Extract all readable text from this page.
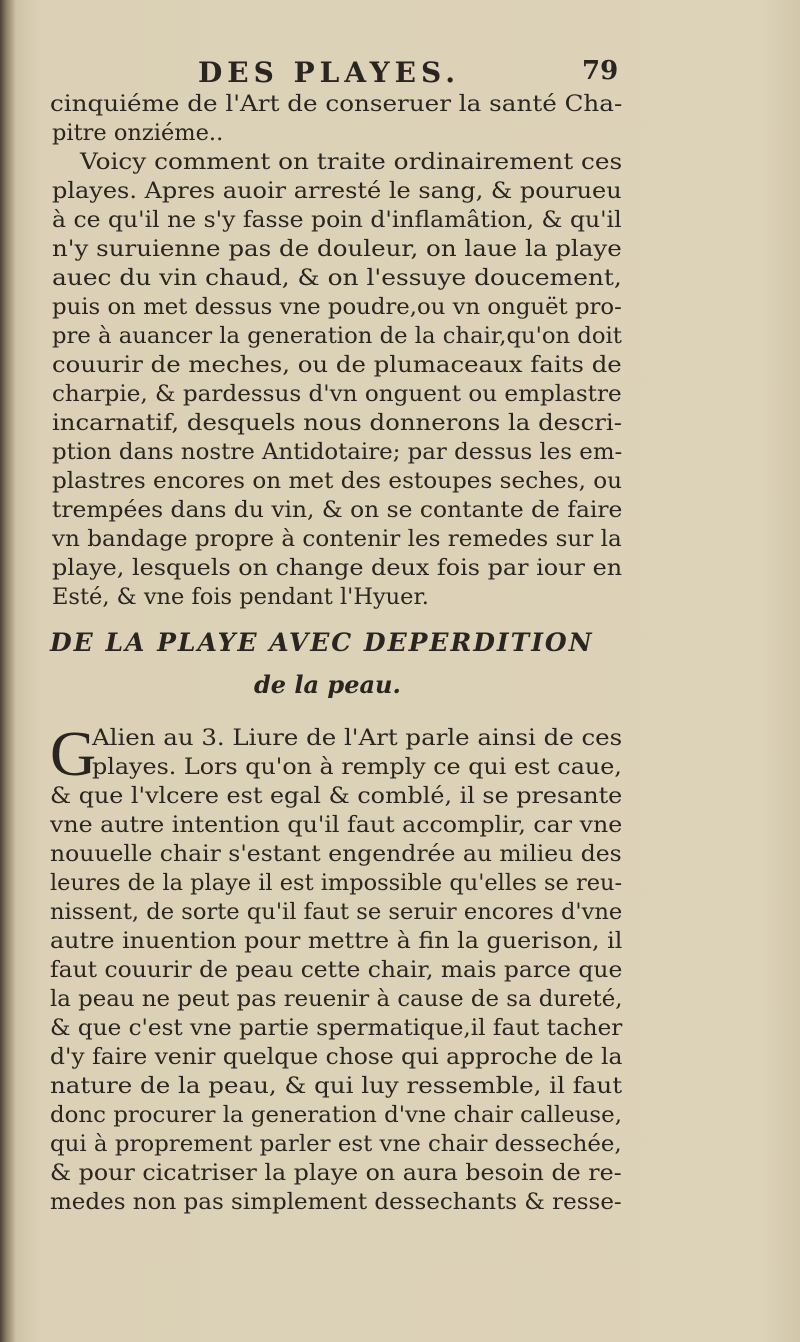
DES PLAYES.	79
cinquiéme de l'Art de conseruer la santé Cha-
pitre onziéme..
Voicy comment on traite ordinairement ces
playes. Apres auoir arresté le sang, & pourueu
à ce qu'il ne s'y fasse poin d'inflamâtion, & qu'il
n'y suruienne pas de douleur, on laue la playe
auec du vin chaud, & on l'essuye doucement,
puis on met dessus vne poudre,ou vn onguët pro-
pre à auancer la generation de la chair,qu'on doit
couurir de meches, ou de plumaceaux faits de
charpie, & pardessus d'vn onguent ou emplastre
incarnatif, desquels nous donnerons la descri-
ption dans nostre Antidotaire; par dessus les em-
plastres encores on met des estoupes seches, ou
trempées dans du vin, & on se contante de faire
vn bandage propre à contenir les remedes sur la
playe, lesquels on change deux fois par iour en
Esté, & vne fois pendant l'Hyuer.
DE LA PLAYE AVEC DEPERDITION
de la peau.
G
Alien au 3. Liure de l'Art parle ainsi de ces
playes. Lors qu'on à remply ce qui est caue,
& que l'vlcere est egal & comblé, il se presante
vne autre intention qu'il faut accomplir, car vne
nouuelle chair s'estant engendrée au milieu des
leures de la playe il est impossible qu'elles se reu-
nissent, de sorte qu'il faut se seruir encores d'vne
autre inuention pour mettre à fin la guerison, il
faut couurir de peau cette chair, mais parce que
la peau ne peut pas reuenir à cause de sa dureté,
& que c'est vne partie spermatique,il faut tacher
d'y faire venir quelque chose qui approche de la
nature de la peau, & qui luy ressemble, il faut
donc procurer la generation d'vne chair calleuse,
qui à proprement parler est vne chair dessechée,
& pour cicatriser la playe on aura besoin de re-
medes non pas simplement dessechants & resse-
